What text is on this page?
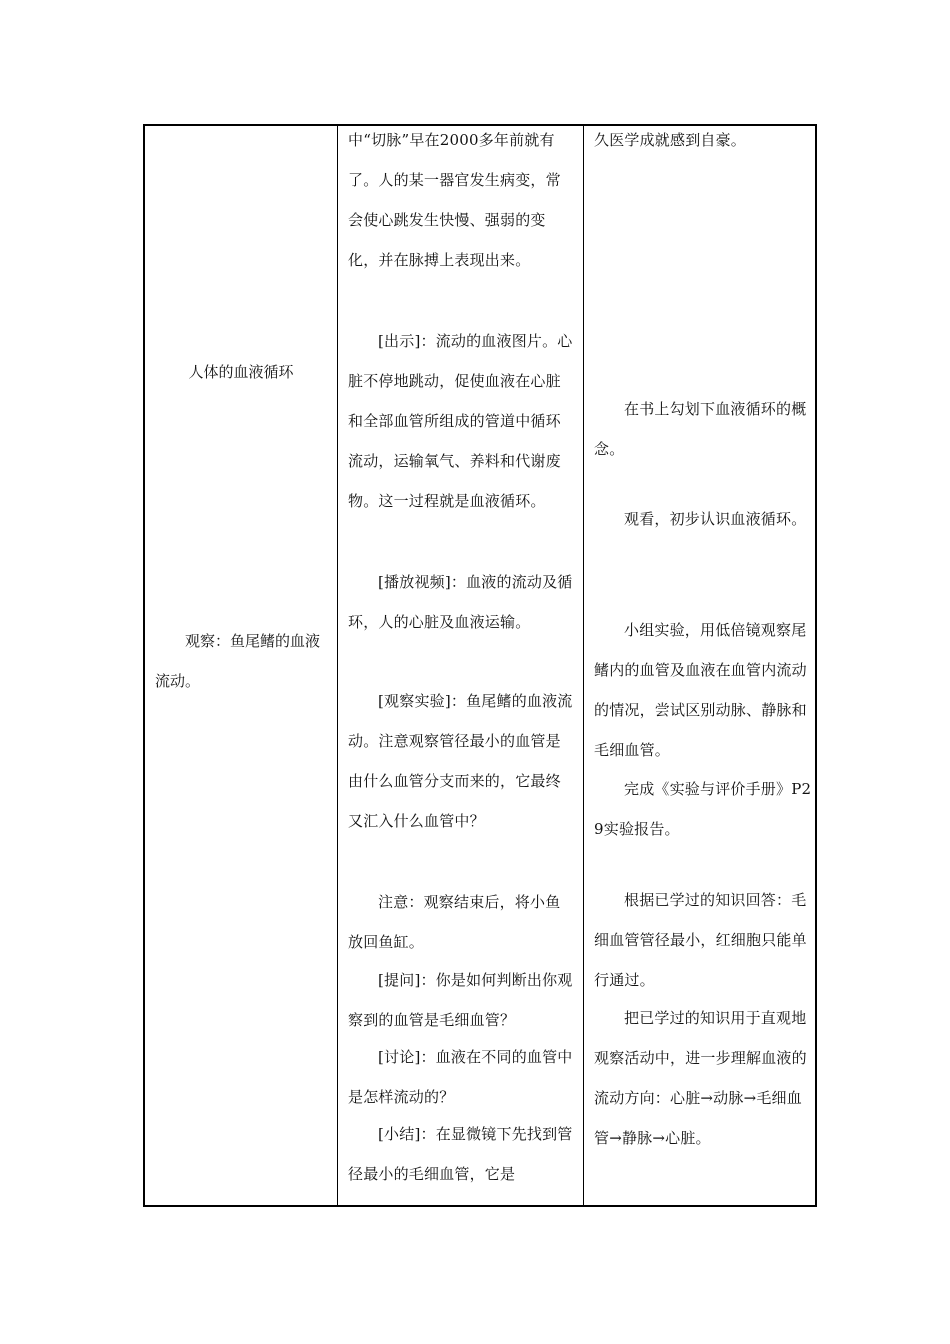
人体的血液循环

观察：鱼尾鳍的血液流动。

中“切脉”早在2000多年前就有了。人的某一器官发生病变，常会使心跳发生快慢、强弱的变化，并在脉搏上表现出来。

[出示]：流动的血液图片。心脏不停地跳动，促使血液在心脏和全部血管所组成的管道中循环流动，运输氧气、养料和代谢废物。这一过程就是血液循环。

[播放视频]：血液的流动及循环，人的心脏及血液运输。

[观察实验]：鱼尾鳍的血液流动。注意观察管径最小的血管是由什么血管分支而来的，它最终又汇入什么血管中？

注意：观察结束后，将小鱼放回鱼缸。

[提问]：你是如何判断出你观察到的血管是毛细血管？

[讨论]：血液在不同的血管中是怎样流动的？

[小结]：在显微镜下先找到管径最小的毛细血管，它是

久医学成就感到自豪。

在书上勾划下血液循环的概念。

观看，初步认识血液循环。

小组实验，用低倍镜观察尾鳍内的血管及血液在血管内流动的情况，尝试区别动脉、静脉和毛细血管。

完成《实验与评价手册》P29实验报告。

根据已学过的知识回答：毛细血管管径最小，红细胞只能单行通过。

把已学过的知识用于直观地观察活动中，进一步理解血液的流动方向：心脏→动脉→毛细血管→静脉→心脏。
